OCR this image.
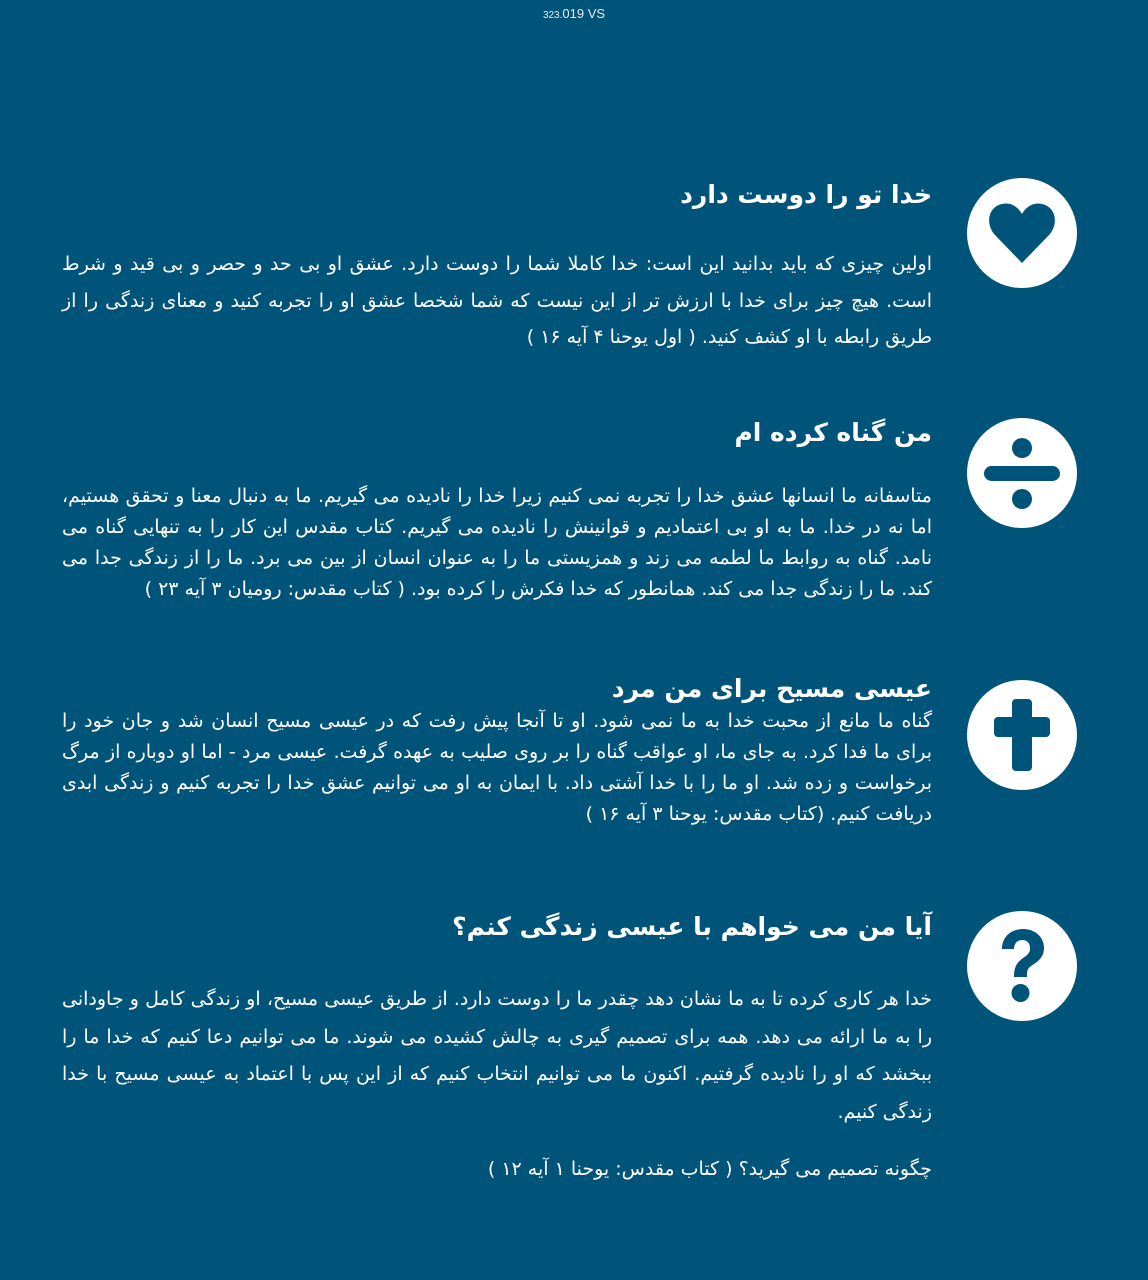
323.019 VS
خدا تو را دوست دارد

اولین چیزی که باید بدانید این است: خدا کاملا شما را دوست دارد. عشق او بی حد و حصر و بی قید و شرط است. هیچ چیز برای خدا با ارزش تر از این نیست که شما شخصا عشق او را تجربه کنید و معنای زندگی را از طریق رابطه با او کشف کنید. ( اول یوحنا ۴ آیه ۱۶ )

من گناه کرده ام

متاسفانه ما انسانها عشق خدا را تجربه نمی کنیم زیرا خدا را نادیده می گیریم. ما به دنبال معنا و تحقق هستیم، اما نه در خدا. ما به او بی اعتمادیم و قوانینش را نادیده می گیریم. کتاب مقدس این کار را به تنهایی گناه می نامد. گناه به روابط ما لطمه می زند و همزیستی ما را به عنوان انسان از بین می برد. ما را از زندگی جدا می کند. ما را زندگی جدا می کند. همانطور که خدا فکرش را کرده بود. ( کتاب مقدس: رومیان ۳ آیه ۲۳ )

عیسی مسیح برای من مرد

گناه ما مانع از محبت خدا به ما نمی شود. او تا آنجا پیش رفت که در عیسی مسیح انسان شد و جان خود را برای ما فدا کرد. به جای ما، او عواقب گناه را بر روی صلیب به عهده گرفت. عیسی مرد - اما او دوباره از مرگ برخواست و زده شد. او ما را با خدا آشتی داد. با ایمان به او می توانیم عشق خدا را تجربه کنیم و زندگی ابدی دریافت کنیم. (کتاب مقدس: یوحنا ۳ آیه ۱۶ )

آیا من می خواهم با عیسی زندگی کنم؟

خدا هر کاری کرده تا به ما نشان دهد چقدر ما را دوست دارد. از طریق عیسی مسیح، او زندگی کامل و جاودانی را به ما ارائه می دهد. همه برای تصمیم گیری به چالش کشیده می شوند. ما می توانیم دعا کنیم که خدا ما را ببخشد که او را نادیده گرفتیم. اکنون ما می توانیم انتخاب کنیم که از این پس با اعتماد به عیسی مسیح با خدا زندگی کنیم.

چگونه تصمیم می گیرید؟ ( کتاب مقدس: یوحنا ۱ آیه ۱۲ )
